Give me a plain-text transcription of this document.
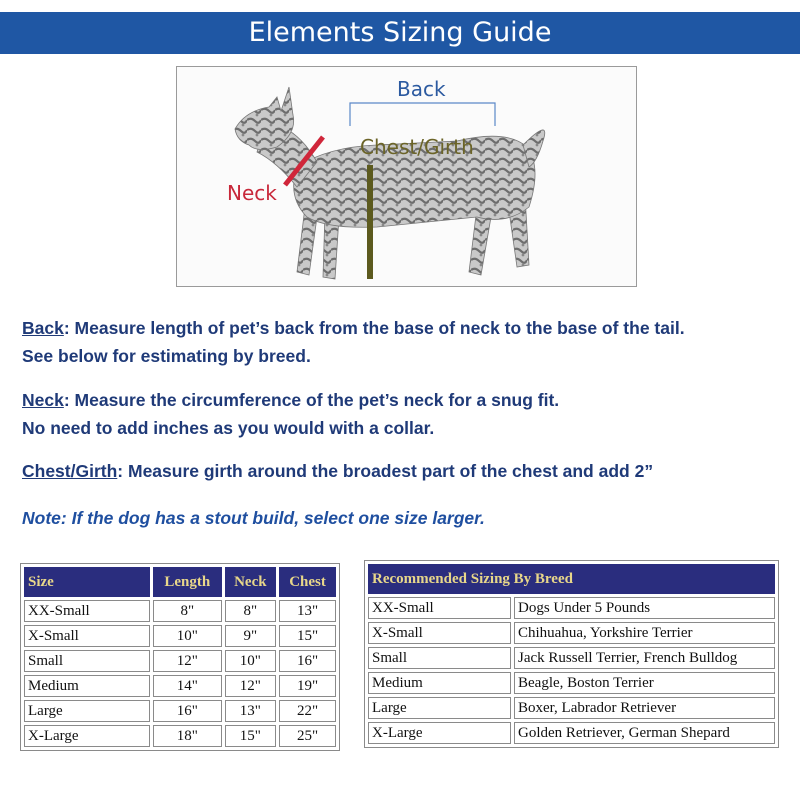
Elements Sizing Guide
Back
Chest/Girth
Neck
Back: Measure length of pet’s back from the base of neck to the base of the tail.
See below for estimating by breed.
Neck: Measure the circumference of the pet’s neck for a snug fit.
No need to add inches as you would with a collar.
Chest/Girth: Measure girth around the broadest part of the chest and add 2”
Note: If the dog has a stout build, select one size larger.
Size	Length	Neck	Chest
XX-Small	8"	8"	13"
X-Small	10"	9"	15"
Small	12"	10"	16"
Medium	14"	12"	19"
Large	16"	13"	22"
X-Large	18"	15"	25"
Recommended Sizing By Breed	
XX-Small	Dogs Under 5 Pounds
X-Small	Chihuahua, Yorkshire Terrier
Small	Jack Russell Terrier, French Bulldog
Medium	Beagle, Boston Terrier
Large	Boxer, Labrador Retriever
X-Large	Golden Retriever, German Shepard
